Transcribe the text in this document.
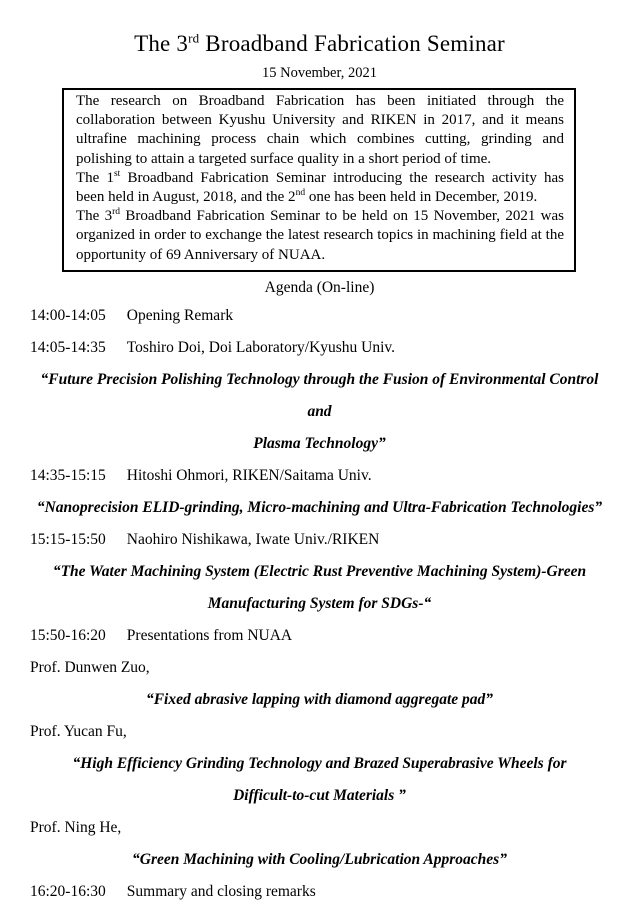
The 3rd Broadband Fabrication Seminar
15 November, 2021

The research on Broadband Fabrication has been initiated through the collaboration between Kyushu University and RIKEN in 2017, and it means ultrafine machining process chain which combines cutting, grinding and polishing to attain a targeted surface quality in a short period of time.

The 1st Broadband Fabrication Seminar introducing the research activity has been held in August, 2018, and the 2nd one has been held in December, 2019.

The 3rd Broadband Fabrication Seminar to be held on 15 November, 2021 was organized in order to exchange the latest research topics in machining field at the opportunity of 69 Anniversary of NUAA.

Agenda (On-line)
14:00-14:05 Opening Remark
14:05-14:35 Toshiro Doi, Doi Laboratory/Kyushu Univ.
“Future Precision Polishing Technology through the Fusion of Environmental Control and
Plasma Technology”
14:35-15:15 Hitoshi Ohmori, RIKEN/Saitama Univ.
“Nanoprecision ELID-grinding, Micro-machining and Ultra-Fabrication Technologies”
15:15-15:50 Naohiro Nishikawa, Iwate Univ./RIKEN
“The Water Machining System (Electric Rust Preventive Machining System)-Green
Manufacturing System for SDGs-“
15:50-16:20 Presentations from NUAA
Prof. Dunwen Zuo,
“Fixed abrasive lapping with diamond aggregate pad”
Prof. Yucan Fu,
“High Efficiency Grinding Technology and Brazed Superabrasive Wheels for
Difficult-to-cut Materials ”
Prof. Ning He,
“Green Machining with Cooling/Lubrication Approaches”
16:20-16:30 Summary and closing remarks
